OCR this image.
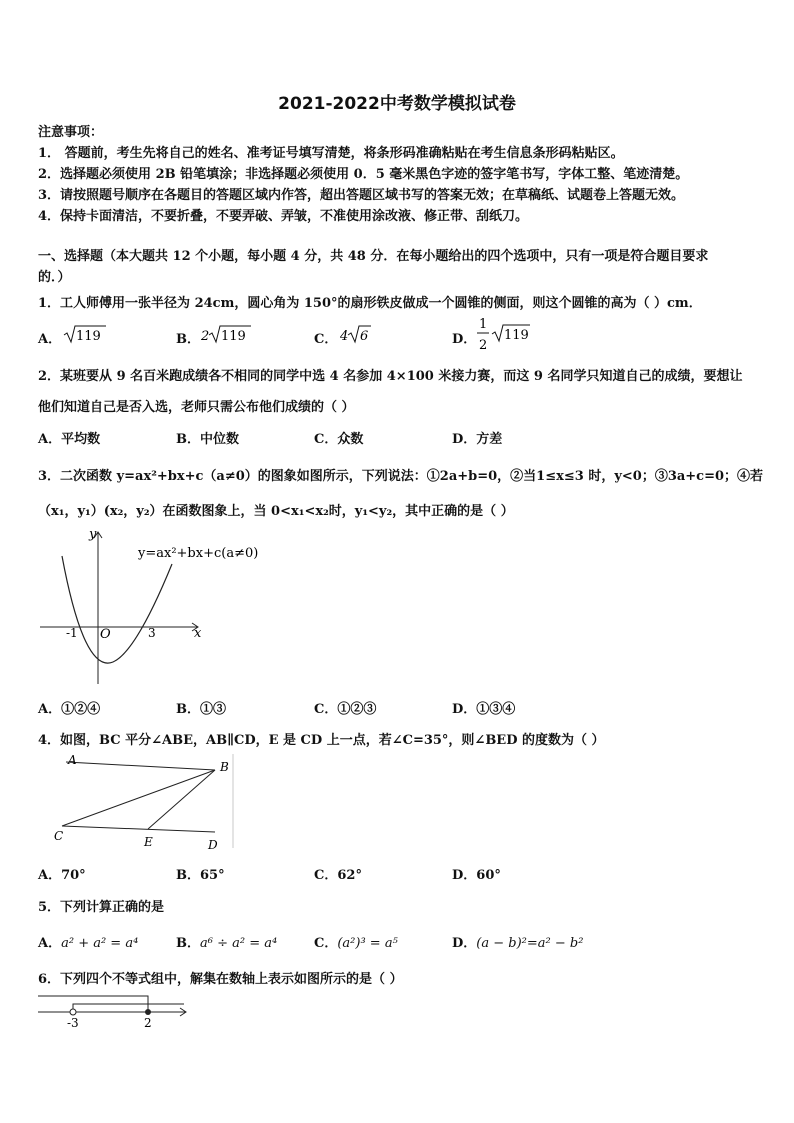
2021-2022中考数学模拟试卷
注意事项：
1． 答题前，考生先将自己的姓名、准考证号填写清楚，将条形码准确粘贴在考生信息条形码粘贴区。
2．选择题必须使用 2B 铅笔填涂；非选择题必须使用 0．5 毫米黑色字迹的签字笔书写，字体工整、笔迹清楚。
3．请按照题号顺序在各题目的答题区域内作答，超出答题区域书写的答案无效；在草稿纸、试题卷上答题无效。
4．保持卡面清洁，不要折叠，不要弄破、弄皱，不准使用涂改液、修正带、刮纸刀。
一、选择题（本大题共 12 个小题，每小题 4 分，共 48 分．在每小题给出的四个选项中，只有一项是符合题目要求
的．）
1．工人师傅用一张半径为 24cm，圆心角为 150°的扇形铁皮做成一个圆锥的侧面，则这个圆锥的高为（ ）cm．
A． 119	B． 2 119	C． 4 6	D．
1
2
119
2．某班要从 9 名百米跑成绩各不相同的同学中选 4 名参加 4×100 米接力赛，而这 9 名同学只知道自己的成绩，要想让
他们知道自己是否入选，老师只需公布他们成绩的（ ）
A．平均数	B．中位数	C．众数	D．方差
3．二次函数 y=ax²+bx+c（a≠0）的图象如图所示，下列说法：①2a+b=0，②当1≤x≤3 时，y<0；③3a+c=0；④若
（x₁，y₁）(x₂，y₂）在函数图象上，当 0<x₁<x₂时，y₁<y₂，其中正确的是（ ）
y=ax²+bx+c(a≠0)
y
x
O
-1	3
A．①②④	B．①③	C．①②③	D．①③④
4．如图，BC 平分∠ABE，AB∥CD，E 是 CD 上一点，若∠C=35°，则∠BED 的度数为（ ）
A	B
C	E	D
A．70°	B．65°	C．62°	D．60°
5．下列计算正确的是
A．a² + a² = a⁴	B．a⁶ ÷ a² = a⁴	C．(a²)³ = a⁵	D．(a − b)²=a² − b²
6．下列四个不等式组中，解集在数轴上表示如图所示的是（ ）
-3	2
